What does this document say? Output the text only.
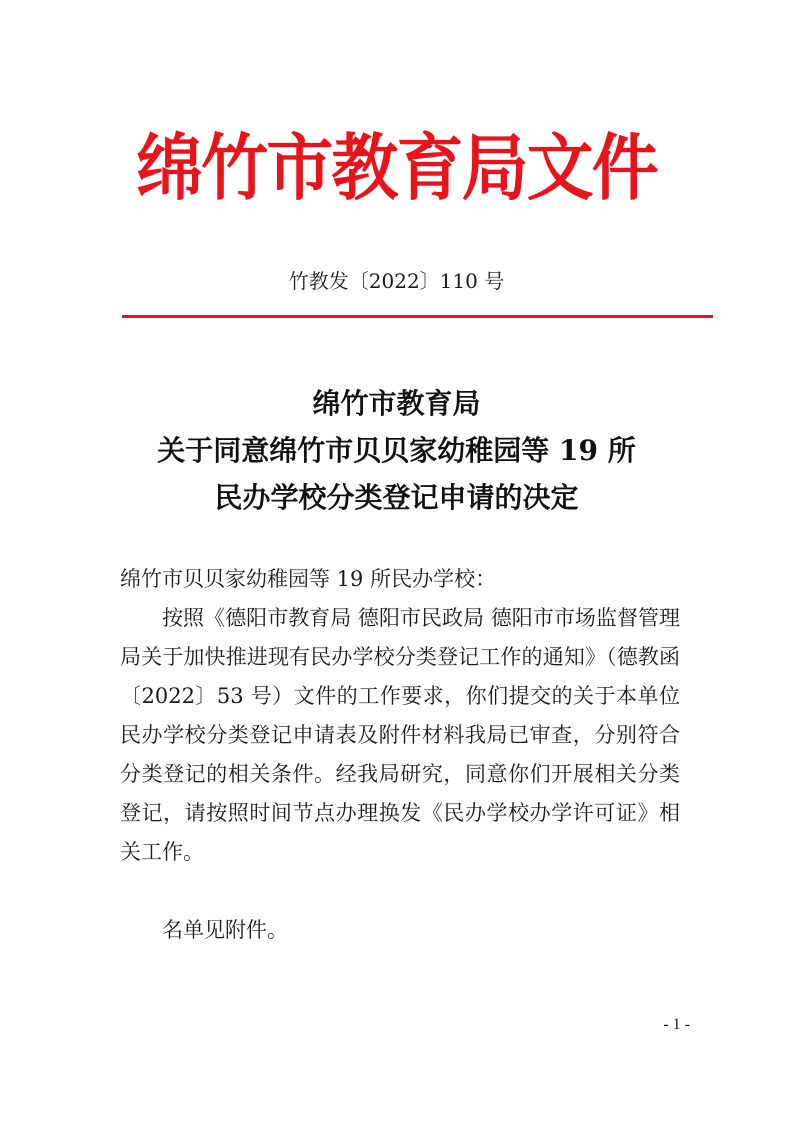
绵竹市教育局文件
竹教发〔2022〕110 号
绵竹市教育局
关于同意绵竹市贝贝家幼稚园等 19 所
民办学校分类登记申请的决定

绵竹市贝贝家幼稚园等 19 所民办学校：

按照《德阳市教育局 德阳市民政局 德阳市市场监督管理局关于加快推进现有民办学校分类登记工作的通知》（德教函〔2022〕53 号）文件的工作要求，你们提交的关于本单位民办学校分类登记申请表及附件材料我局已审查，分别符合分类登记的相关条件。经我局研究，同意你们开展相关分类登记，请按照时间节点办理换发《民办学校办学许可证》相关工作。

名单见附件。

- 1 -
